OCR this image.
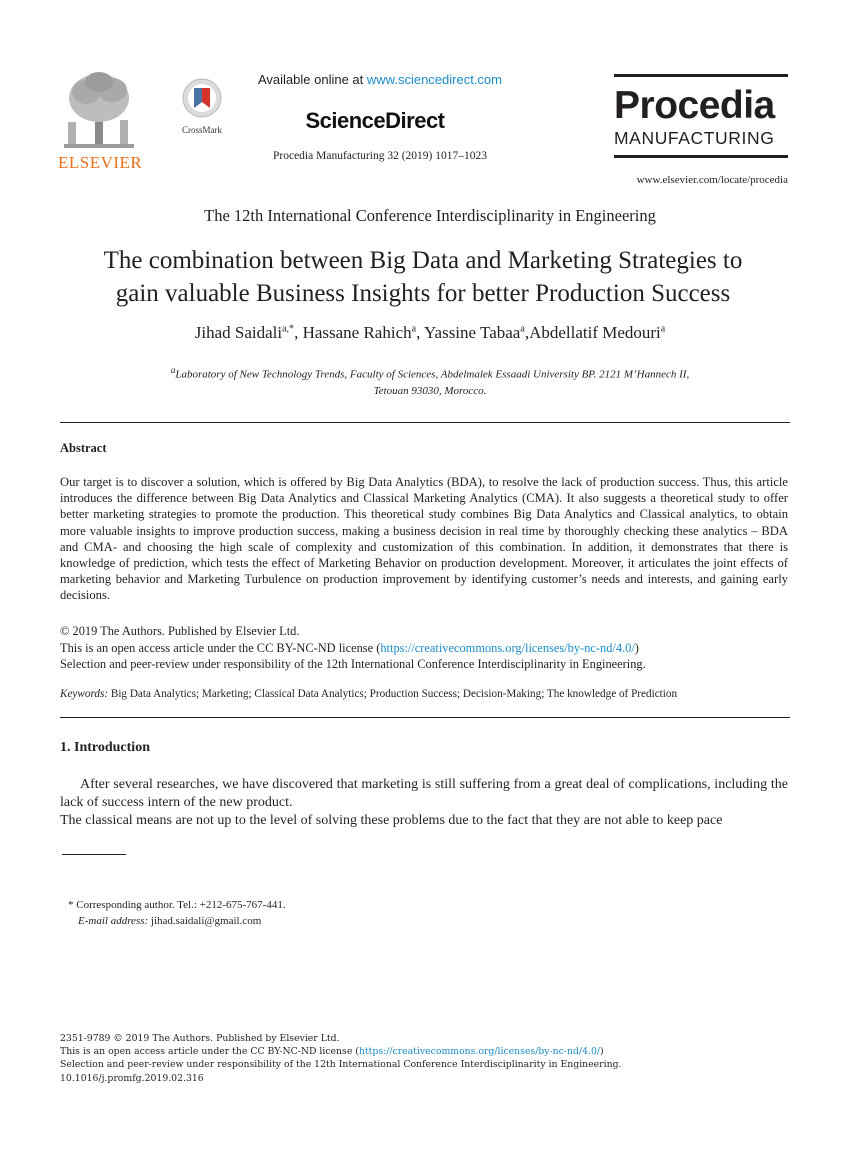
ELSEVIER
CrossMark
Available online at www.sciencedirect.com
ScienceDirect
Procedia Manufacturing 32 (2019) 1017–1023
Procedia
MANUFACTURING
www.elsevier.com/locate/procedia
The 12th International Conference Interdisciplinarity in Engineering
The combination between Big Data and Marketing Strategies to
gain valuable Business Insights for better Production Success
Jihad Saidali$^{a,*}$, Hassane Rahich$^a$, Yassine Tabaa$^a$,Abdellatif Medouri$^a$
$^a$Laboratory of New Technology Trends, Faculty of Sciences, Abdelmalek Essaadi University BP. 2121 M’Hannech II,
Tetouan 93030, Morocco.
Abstract
Our target is to discover a solution, which is offered by Big Data Analytics (BDA), to resolve the lack of production success. Thus, this article introduces the difference between Big Data Analytics and Classical Marketing Analytics (CMA). It also suggests a theoretical study to offer better marketing strategies to promote the production. This theoretical study combines Big Data Analytics and Classical analytics, to obtain more valuable insights to improve production success, making a business decision in real time by thoroughly checking these analytics – BDA and CMA- and choosing the high scale of complexity and customization of this combination. In addition, it demonstrates that there is knowledge of prediction, which tests the effect of Marketing Behavior on production development. Moreover, it articulates the joint effects of marketing behavior and Marketing Turbulence on production improvement by identifying customer’s needs and interests, and gaining early decisions.
© 2019 The Authors. Published by Elsevier Ltd.
This is an open access article under the CC BY-NC-ND license (https://creativecommons.org/licenses/by-nc-nd/4.0/)
Selection and peer-review under responsibility of the 12th International Conference Interdisciplinarity in Engineering.
Keywords: Big Data Analytics; Marketing; Classical Data Analytics; Production Success; Decision-Making; The knowledge of Prediction
1. Introduction

After several researches, we have discovered that marketing is still suffering from a great deal of complications, including the lack of success intern of the new product.

The classical means are not up to the level of solving these problems due to the fact that they are not able to keep pace

* Corresponding author. Tel.: +212-675-767-441.
E-mail address: jihad.saidali@gmail.com
2351-9789 © 2019 The Authors. Published by Elsevier Ltd.
This is an open access article under the CC BY-NC-ND license (https://creativecommons.org/licenses/by-nc-nd/4.0/)
Selection and peer-review under responsibility of the 12th International Conference Interdisciplinarity in Engineering.
10.1016/j.promfg.2019.02.316
